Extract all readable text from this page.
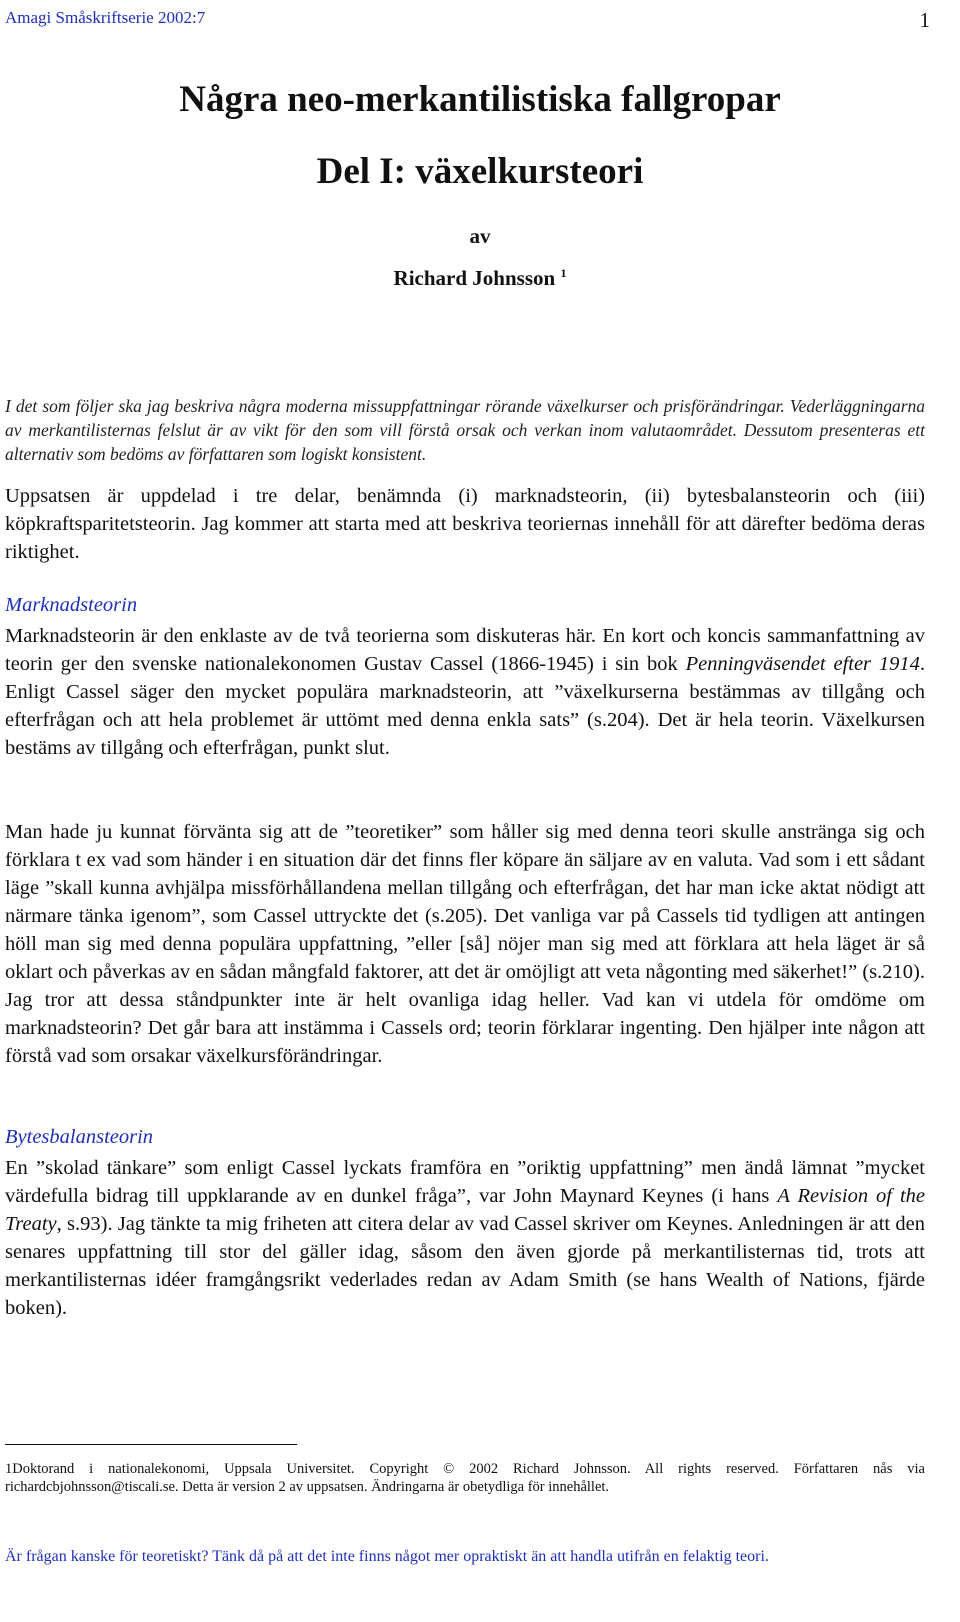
Amagi Småskriftserie 2002:7	1
Några neo-merkantilistiska fallgropar
Del I: växelkursteori
av
Richard Johnsson $^1$
I det som följer ska jag beskriva några moderna missuppfattningar rörande växelkurser och prisförändringar. Vederläggningarna av merkantilisternas felslut är av vikt för den som vill förstå orsak och verkan inom valutaområdet. Dessutom presenteras ett alternativ som bedöms av författaren som logiskt konsistent.
Uppsatsen är uppdelad i tre delar, benämnda (i) marknadsteorin, (ii) bytesbalansteorin och (iii) köpkraftsparitetsteorin. Jag kommer att starta med att beskriva teoriernas innehåll för att därefter bedöma deras riktighet.
Marknadsteorin
Marknadsteorin är den enklaste av de två teorierna som diskuteras här. En kort och koncis sammanfattning av teorin ger den svenske nationalekonomen Gustav Cassel (1866-1945) i sin bok Penningväsendet efter 1914. Enligt Cassel säger den mycket populära marknadsteorin, att ”växelkurserna bestämmas av tillgång och efterfrågan och att hela problemet är uttömt med denna enkla sats” (s.204). Det är hela teorin. Växelkursen bestäms av tillgång och efterfrågan, punkt slut.
Man hade ju kunnat förvänta sig att de ”teoretiker” som håller sig med denna teori skulle anstränga sig och förklara t ex vad som händer i en situation där det finns fler köpare än säljare av en valuta. Vad som i ett sådant läge ”skall kunna avhjälpa missförhållandena mellan tillgång och efterfrågan, det har man icke aktat nödigt att närmare tänka igenom”, som Cassel uttryckte det (s.205). Det vanliga var på Cassels tid tydligen att antingen höll man sig med denna populära uppfattning, ”eller [så] nöjer man sig med att förklara att hela läget är så oklart och påverkas av en sådan mångfald faktorer, att det är omöjligt att veta någonting med säkerhet!” (s.210). Jag tror att dessa ståndpunkter inte är helt ovanliga idag heller. Vad kan vi utdela för omdöme om marknadsteorin? Det går bara att instämma i Cassels ord; teorin förklarar ingenting. Den hjälper inte någon att förstå vad som orsakar växelkursförändringar.
Bytesbalansteorin
En ”skolad tänkare” som enligt Cassel lyckats framföra en ”oriktig uppfattning” men ändå lämnat ”mycket värdefulla bidrag till uppklarande av en dunkel fråga”, var John Maynard Keynes (i hans A Revision of the Treaty, s.93). Jag tänkte ta mig friheten att citera delar av vad Cassel skriver om Keynes. Anledningen är att den senares uppfattning till stor del gäller idag, såsom den även gjorde på merkantilisternas tid, trots att merkantilisternas idéer framgångsrikt vederlades redan av Adam Smith (se hans Wealth of Nations, fjärde boken).
1Doktorand i nationalekonomi, Uppsala Universitet. Copyright © 2002 Richard Johnsson. All rights reserved. Författaren nås via richardcbjohnsson@tiscali.se. Detta är version 2 av uppsatsen. Ändringarna är obetydliga för innehållet.
Är frågan kanske för teoretiskt? Tänk då på att det inte finns något mer opraktiskt än att handla utifrån en felaktig teori.
